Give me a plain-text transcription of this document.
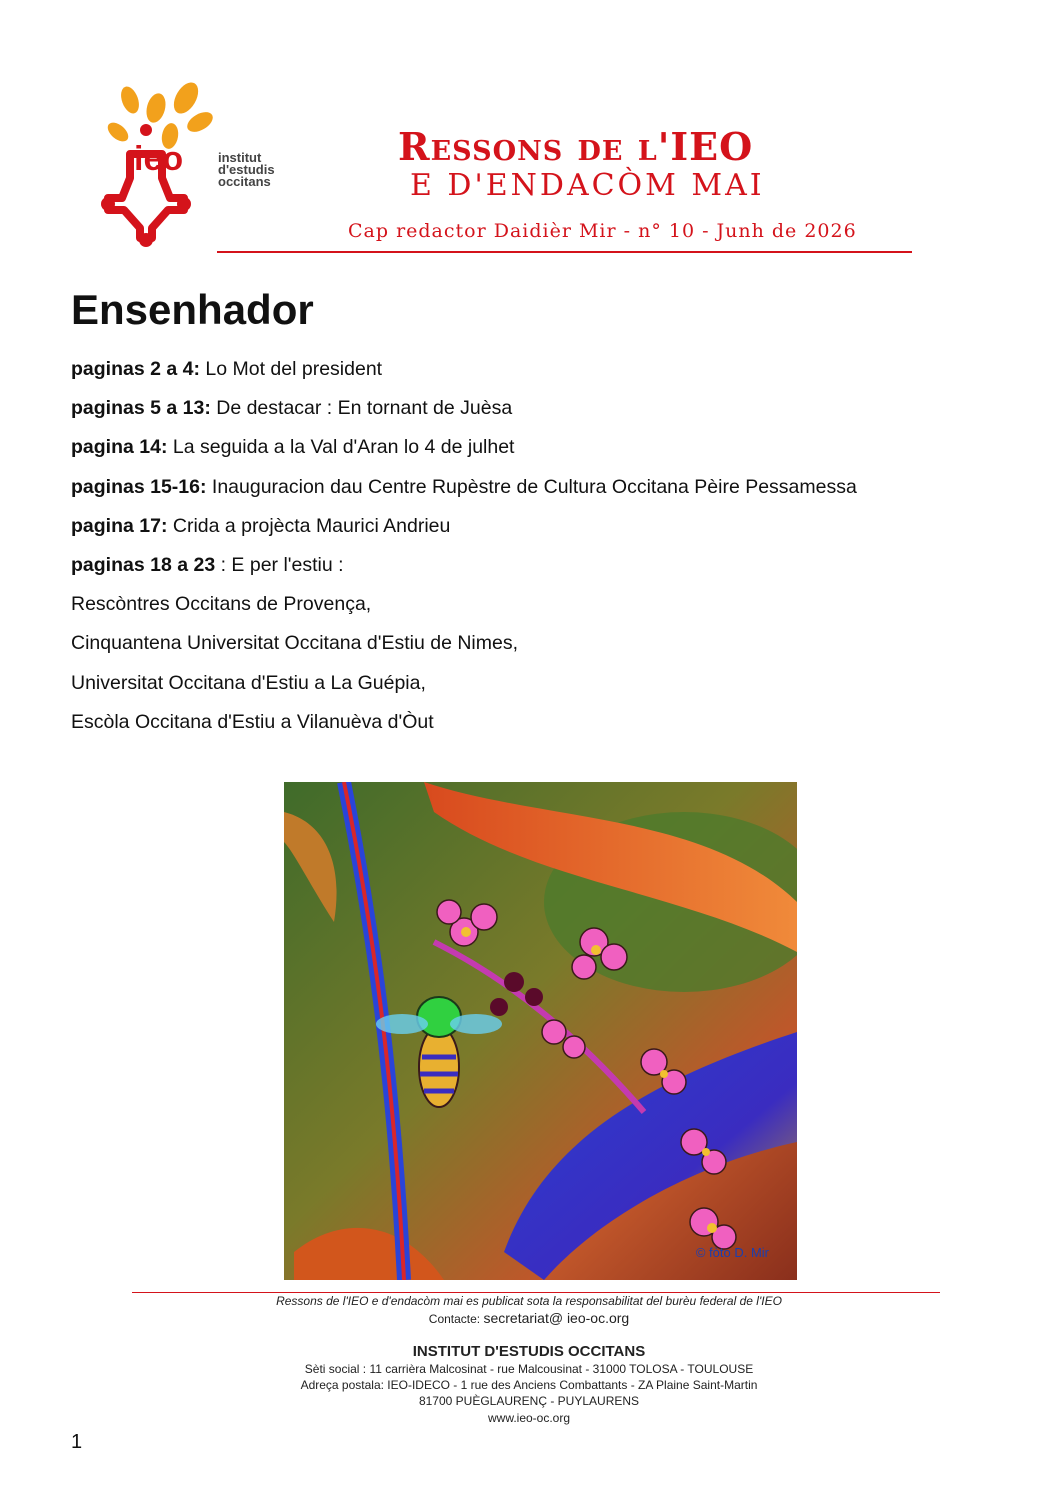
ieo	institut
d'estudis
occitans
Ressons de l'IEO
E D'ENDACÒM MAI
Cap redactor Daidièr Mir - n° 10 - Junh de 2026
Ensenhador
paginas 2 a 4: Lo Mot del president
paginas 5 a 13: De destacar : En tornant de Juèsa
pagina 14: La seguida a la Val d'Aran lo 4 de julhet
paginas 15-16: Inauguracion dau Centre Rupèstre de Cultura Occitana Pèire Pessamessa
pagina 17: Crida a projècta Maurici Andrieu
paginas 18 a 23 : E per l'estiu :
Rescòntres Occitans de Provença,
Cinquantena Universitat Occitana d'Estiu de Nimes,
Universitat Occitana d'Estiu a La Guépia,
Escòla Occitana d'Estiu a Vilanuèva d'Òut
© fòto D. Mir
Ressons de l'IEO e d'endacòm mai es publicat sota la responsabilitat del burèu federal de l'IEO
Contacte: secretariat@ ieo-oc.org
INSTITUT D'ESTUDIS OCCITANS
Sèti social : 11 carrièra Malcosinat - rue Malcousinat - 31000 TOLOSA - TOULOUSE
Adreça postala: IEO-IDECO - 1 rue des Anciens Combattants - ZA Plaine Saint-Martin
81700 PUÈGLAURENÇ - PUYLAURENS
www.ieo-oc.org
1
